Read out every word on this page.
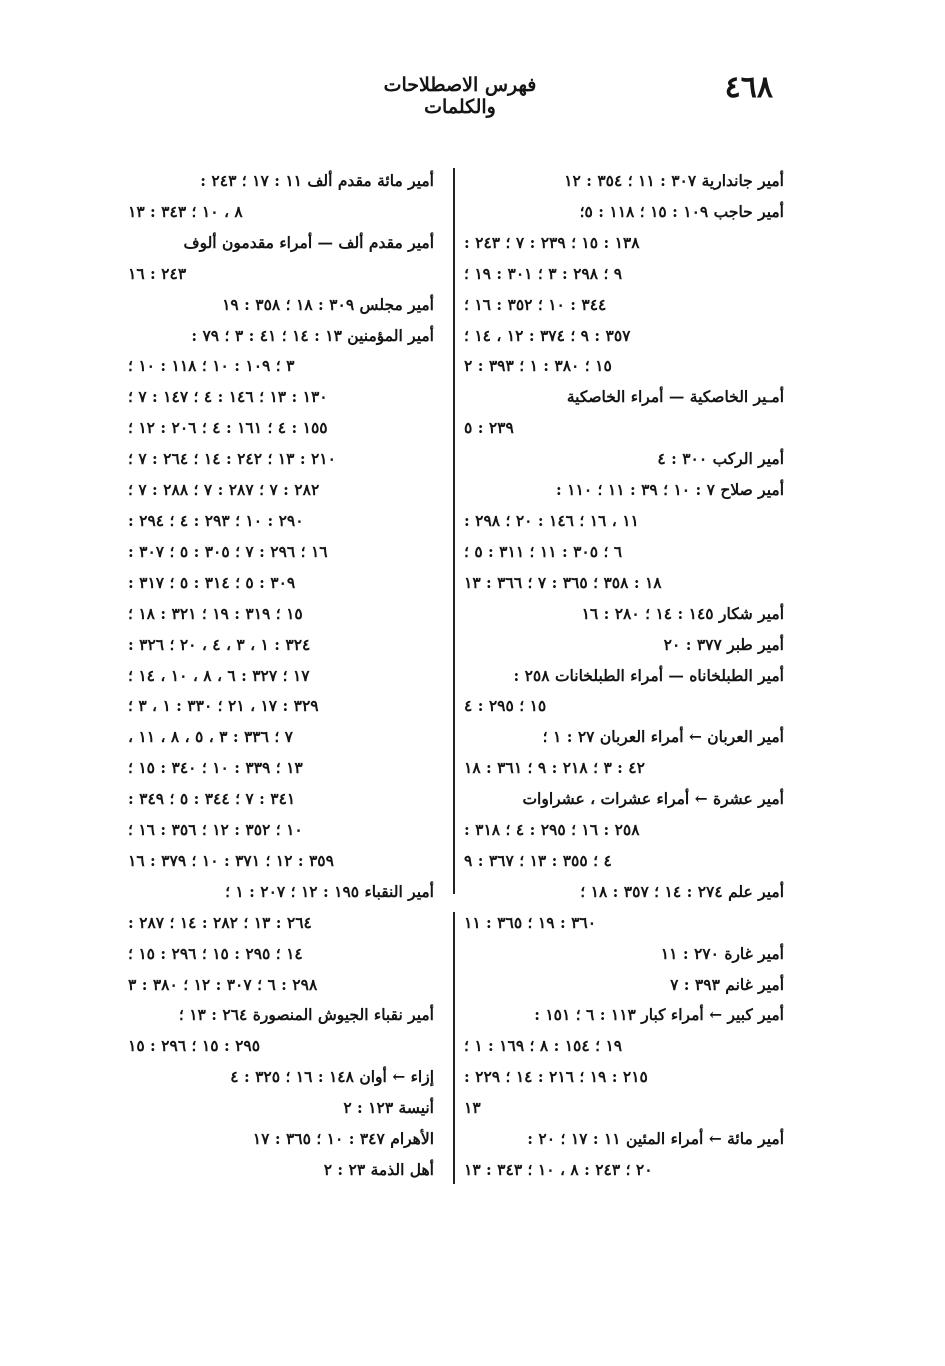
٤٦٨
فهرس الاصطلاحات والكلمات
أمير جاندارية ٣٠٧ : ١١ ؛ ٣٥٤ : ١٢
أمير حاجب ١٠٩ : ١٥ ؛ ١١٨ : ٥؛
١٣٨ : ١٥ ؛ ٢٣٩ : ٧ ؛ ٢٤٣ :
٩ ؛ ٢٩٨ : ٣ ؛ ٣٠١ : ١٩ ؛
٣٤٤ : ١٠ ؛ ٣٥٢ : ١٦ ؛
٣٥٧ : ٩ ؛ ٣٧٤ : ١٢ ، ١٤ ؛
١٥ ؛ ٣٨٠ : ١ ؛ ٣٩٣ : ٢
أمـير الخاصكية — أمراء الخاصكية
٢٣٩ : ٥
أمير الركب ٣٠٠ : ٤
أمير صلاح ٧ : ١٠ ؛ ٣٩ : ١١ ؛ ١١٠ :
١١ ، ١٦ ؛ ١٤٦ : ٢٠ ؛ ٢٩٨ :
٦ ؛ ٣٠٥ : ١١ ؛ ٣١١ : ٥ ؛
١٨ : ٣٥٨ ؛ ٣٦٥ : ٧ ؛ ٣٦٦ : ١٣
أمير شكار ١٤٥ : ١٤ ؛ ٢٨٠ : ١٦
أمير طبر ٣٧٧ : ٢٠
أمير الطبلخاناه — أمراء الطبلخانات ٢٥٨ :
١٥ ؛ ٢٩٥ : ٤
أمير العربان ← أمراء العربان ٢٧ : ١ ؛
٤٢ : ٣ ؛ ٢١٨ : ٩ ؛ ٣٦١ : ١٨
أمير عشرة ← أمراء عشرات ، عشراوات
٢٥٨ : ١٦ ؛ ٢٩٥ : ٤ ؛ ٣١٨ :
٤ ؛ ٣٥٥ : ١٣ ؛ ٣٦٧ : ٩
أمير علم ٢٧٤ : ١٤ ؛ ٣٥٧ : ١٨ ؛
٣٦٠ : ١٩ ؛ ٣٦٥ : ١١
أمير غارة ٢٧٠ : ١١
أمير غانم ٣٩٣ : ٧
أمير كبير ← أمراء كبار ١١٣ : ٦ ؛ ١٥١ :
١٩ ؛ ١٥٤ : ٨ ؛ ١٦٩ : ١ ؛
٢١٥ : ١٩ ؛ ٢١٦ : ١٤ ؛ ٢٢٩ :
١٣
أمير مائة ← أمراء المئين ١١ : ١٧ ؛ ٢٠ :
٢٠ ؛ ٢٤٣ : ٨ ، ١٠ ؛ ٣٤٣ : ١٣
أمير مائة مقدم ألف ١١ : ١٧ ؛ ٢٤٣ :
٨ ، ١٠ ؛ ٣٤٣ : ١٣
أمير مقدم ألف — أمراء مقدمون ألوف
٢٤٣ : ١٦
أمير مجلس ٣٠٩ : ١٨ ؛ ٣٥٨ : ١٩
أمير المؤمنين ١٣ : ١٤ ؛ ٤١ : ٣ ؛ ٧٩ :
٣ ؛ ١٠٩ : ١٠ ؛ ١١٨ : ١٠ ؛
١٣٠ : ١٣ ؛ ١٤٦ : ٤ ؛ ١٤٧ : ٧ ؛
١٥٥ : ٤ ؛ ١٦١ : ٤ ؛ ٢٠٦ : ١٢ ؛
٢١٠ : ١٣ ؛ ٢٤٢ : ١٤ ؛ ٢٦٤ : ٧ ؛
٢٨٢ : ٧ ؛ ٢٨٧ : ٧ ؛ ٢٨٨ : ٧ ؛
٢٩٠ : ١٠ ؛ ٢٩٣ : ٤ ؛ ٢٩٤ :
١٦ ؛ ٢٩٦ : ٧ ؛ ٣٠٥ : ٥ ؛ ٣٠٧ :
٣٠٩ : ٥ ؛ ٣١٤ : ٥ ؛ ٣١٧ :
١٥ ؛ ٣١٩ : ١٩ ؛ ٣٢١ : ١٨ ؛
٣٢٤ : ١ ، ٣ ، ٤ ، ٢٠ ؛ ٣٢٦ :
١٧ ؛ ٣٢٧ : ٦ ، ٨ ، ١٠ ، ١٤ ؛
٣٢٩ : ١٧ ، ٢١ ؛ ٣٣٠ : ١ ، ٣ ؛
٧ ؛ ٣٣٦ : ٣ ، ٥ ، ٨ ، ١١ ،
١٣ ؛ ٣٣٩ : ١٠ ؛ ٣٤٠ : ١٥ ؛
٣٤١ : ٧ ؛ ٣٤٤ : ٥ ؛ ٣٤٩ :
١٠ ؛ ٣٥٢ : ١٢ ؛ ٣٥٦ : ١٦ ؛
٣٥٩ : ١٢ ؛ ٣٧١ : ١٠ ؛ ٣٧٩ : ١٦
أمير النقباء ١٩٥ : ١٢ ؛ ٢٠٧ : ١ ؛
٢٦٤ : ١٣ ؛ ٢٨٢ : ١٤ ؛ ٢٨٧ :
١٤ ؛ ٢٩٥ : ١٥ ؛ ٢٩٦ : ١٥ ؛
٢٩٨ : ٦ ؛ ٣٠٧ : ١٢ ؛ ٣٨٠ : ٣
أمير نقباء الجيوش المنصورة ٢٦٤ : ١٣ ؛
٢٩٥ : ١٥ ؛ ٢٩٦ : ١٥
إزاء ← أوان ١٤٨ : ١٦ ؛ ٣٢٥ : ٤
أنيسة ١٢٣ : ٢
الأهرام ٣٤٧ : ١٠ ؛ ٣٦٥ : ١٧
أهل الذمة ٢٣ : ٢
